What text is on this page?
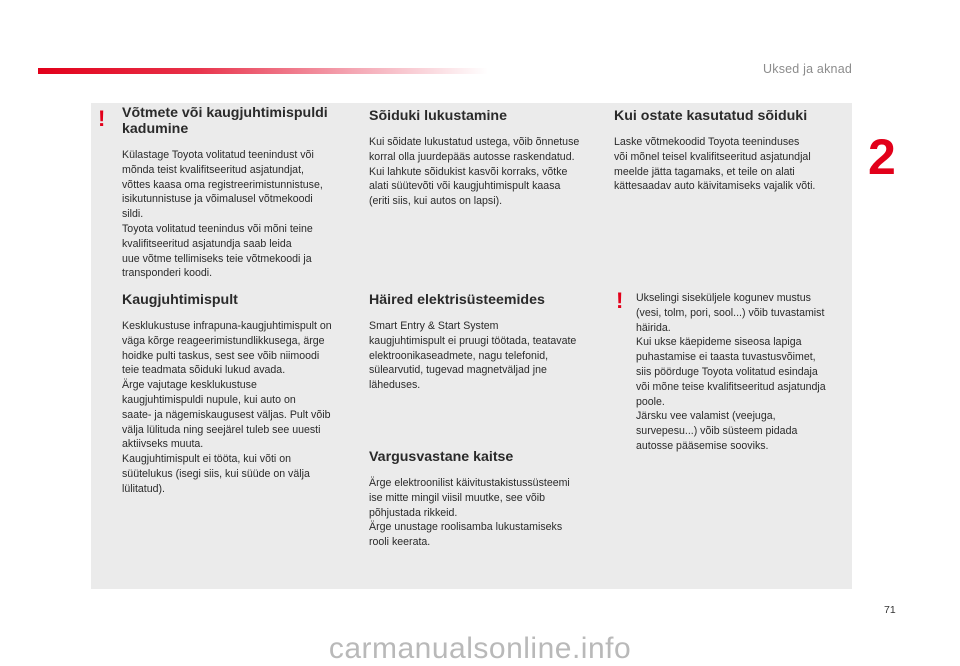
Uksed ja aknad
2
! Võtmete või kaugjuhtimispuldi kadumine

Külastage Toyota volitatud teenindust või
mõnda teist kvalifitseeritud asjatundjat,
võttes kaasa oma registreerimistunnistuse,
isikutunnistuse ja võimalusel võtmekoodi
sildi.
Toyota volitatud teenindus või mõni teine
kvalifitseeritud asjatundja saab leida
uue võtme tellimiseks teie võtmekoodi ja
transponderi koodi.

Kaugjuhtimispult

Kesklukustuse infrapuna-kaugjuhtimispult on
väga kõrge reageerimistundlikkusega, ärge
hoidke pulti taskus, sest see võib niimoodi
teie teadmata sõiduki lukud avada.
Ärge vajutage kesklukustuse
kaugjuhtimispuldi nupule, kui auto on
saate- ja nägemiskaugusest väljas. Pult võib
välja lülituda ning seejärel tuleb see uuesti
aktiivseks muuta.
Kaugjuhtimispult ei tööta, kui võti on
süütelukus (isegi siis, kui süüde on välja
lülitatud).

Sõiduki lukustamine

Kui sõidate lukustatud ustega, võib õnnetuse
korral olla juurdepääs autosse raskendatud.
Kui lahkute sõidukist kasvõi korraks, võtke
alati süütevõti või kaugjuhtimispult kaasa
(eriti siis, kui autos on lapsi).

Häired elektrisüsteemides

Smart Entry & Start System
kaugjuhtimispult ei pruugi töötada, teatavate
elektroonikaseadmete, nagu telefonid,
sülearvutid, tugevad magnetväljad jne
läheduses.

Vargusvastane kaitse

Ärge elektroonilist käivitustakistussüsteemi
ise mitte mingil viisil muutke, see võib
põhjustada rikkeid.
Ärge unustage roolisamba lukustamiseks
rooli keerata.

Kui ostate kasutatud sõiduki

Laske võtmekoodid Toyota teeninduses
või mõnel teisel kvalifitseeritud asjatundjal
meelde jätta tagamaks, et teile on alati
kättesaadav auto käivitamiseks vajalik võti.

! Ukselingi siseküljele kogunev mustus
(vesi, tolm, pori, sool...) võib tuvastamist
häirida.
Kui ukse käepideme siseosa lapiga
puhastamise ei taasta tuvastusvõimet,
siis pöörduge Toyota volitatud esindaja
või mõne teise kvalifitseeritud asjatundja
poole.
Järsku vee valamist (veejuga,
survepesu...) võib süsteem pidada
autosse pääsemise sooviks.

71
carmanualsonline.info
